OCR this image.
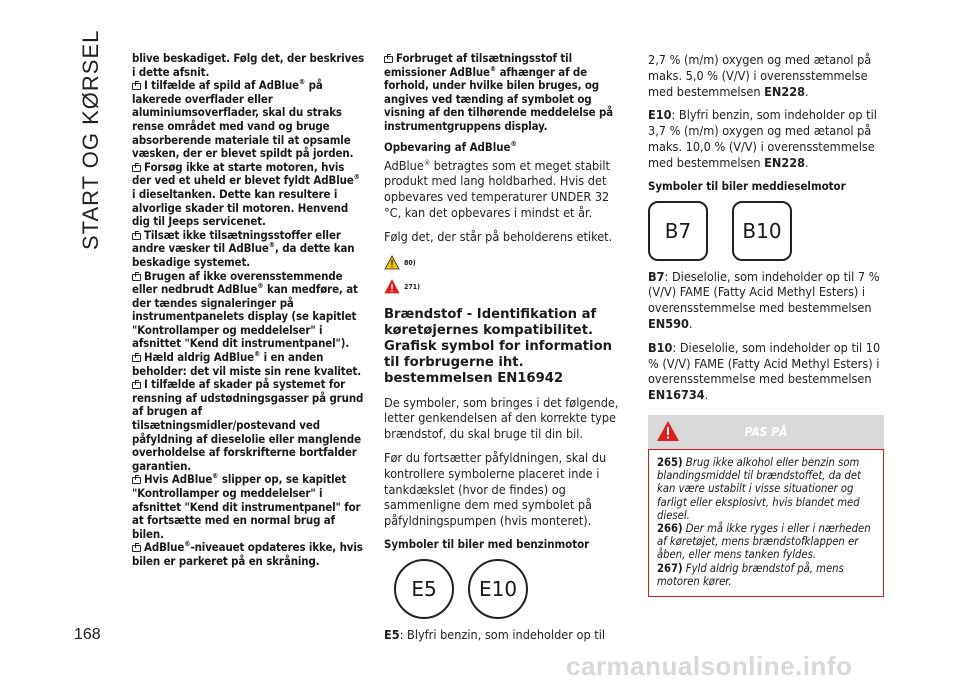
START OG KØRSEL	blive beskadiget. Følg det, der beskrives i dette afsnit.

I tilfælde af spild af AdBlue® på lakerede overflader eller aluminiumsoverflader, skal du straks rense området med vand og bruge absorberende materiale til at opsamle væsken, der er blevet spildt på jorden.

Forsøg ikke at starte motoren, hvis der ved et uheld er blevet fyldt AdBlue® i dieseltanken. Dette kan resultere i alvorlige skader til motoren. Henvend dig til Jeeps servicenet.

Tilsæt ikke tilsætningsstoffer eller andre væsker til AdBlue®, da dette kan beskadige systemet.

Brugen af ikke overensstemmende eller nedbrudt AdBlue® kan medføre, at der tændes signaleringer på instrumentpanelets display (se kapitlet "Kontrollamper og meddelelser" i afsnittet "Kend dit instrumentpanel").

Hæld aldrig AdBlue® i en anden beholder: det vil miste sin rene kvalitet.

I tilfælde af skader på systemet for rensning af udstødningsgasser på grund af brugen af tilsætningsmidler/postevand ved påfyldning af dieselolie eller manglende overholdelse af forskrifterne bortfalder garantien.

Hvis AdBlue® slipper op, se kapitlet "Kontrollamper og meddelelser" i afsnittet "Kend dit instrumentpanel" for at fortsætte med en normal brug af bilen.

AdBlue®-niveauet opdateres ikke, hvis bilen er parkeret på en skråning.

Forbruget af tilsætningsstof til emissioner AdBlue® afhænger af de forhold, under hvilke bilen bruges, og angives ved tænding af symbolet og visning af den tilhørende meddelelse på instrumentgruppens display.

Opbevaring af AdBlue®

AdBlue® betragtes som et meget stabilt produkt med lang holdbarhed. Hvis det opbevares ved temperaturer UNDER 32 °C, kan det opbevares i mindst et år.

Følg det, der står på beholderens etiket.

80)
271)

Brændstof - Identifikation af køretøjernes kompatibilitet. Grafisk symbol for information til forbrugerne iht. bestemmelsen EN16942

De symboler, som bringes i det følgende, letter genkendelsen af den korrekte type brændstof, du skal bruge til din bil.

Før du fortsætter påfyldningen, skal du kontrollere symbolerne placeret inde i tankdækslet (hvor de findes) og sammenligne dem med symbolet på påfyldningspumpen (hvis monteret).

Symboler til biler med benzinmotor

E5	E10

E5: Blyfri benzin, som indeholder op til

2,7 % (m/m) oxygen og med ætanol på maks. 5,0 % (V/V) i overensstemmelse med bestemmelsen EN228.

E10: Blyfri benzin, som indeholder op til 3,7 % (m/m) oxygen og med ætanol på maks. 10,0 % (V/V) i overensstemmelse med bestemmelsen EN228.

Symboler til biler meddieselmotor

B7	B10

B7: Dieselolie, som indeholder op til 7 % (V/V) FAME (Fatty Acid Methyl Esters) i overensstemmelse med bestemmelsen EN590.

B10: Dieselolie, som indeholder op til 10 % (V/V) FAME (Fatty Acid Methyl Esters) i overensstemmelse med bestemmelsen EN16734.

PAS PÅ

265) Brug ikke alkohol eller benzin som blandingsmiddel til brændstoffet, da det kan være ustabilt i visse situationer og farligt eller eksplosivt, hvis blandet med diesel.

266) Der må ikke ryges i eller i nærheden af køretøjet, mens brændstofklappen er åben, eller mens tanken fyldes.

267) Fyld aldrig brændstof på, mens motoren kører.

168
carmanualsonline.info
